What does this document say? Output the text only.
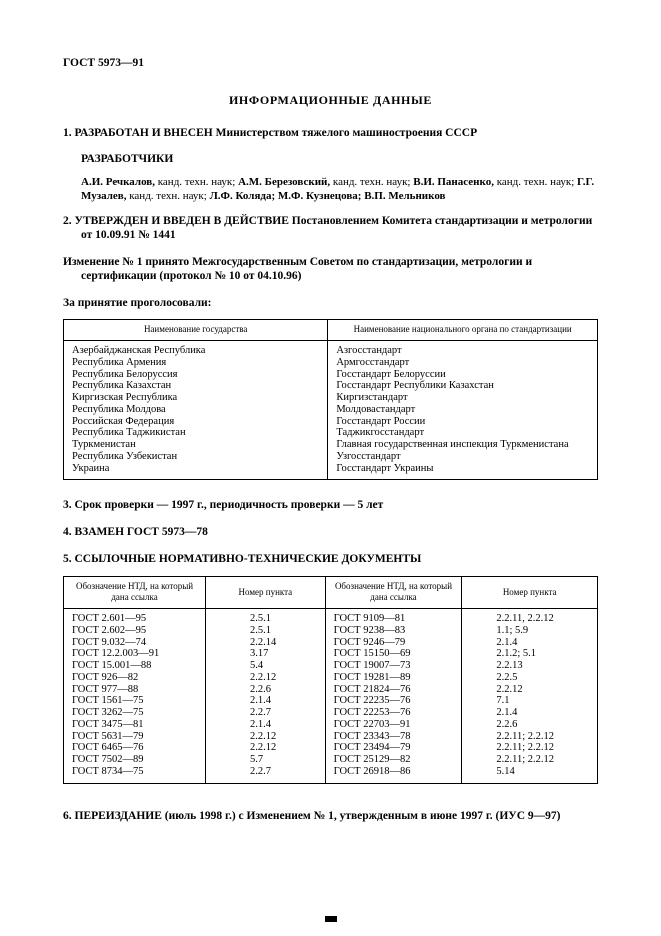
ГОСТ 5973—91
ИНФОРМАЦИОННЫЕ ДАННЫЕ

1. РАЗРАБОТАН И ВНЕСЕН Министерством тяжелого машиностроения СССР

РАЗРАБОТЧИКИ

А.И. Речкалов, канд. техн. наук; А.М. Березовский, канд. техн. наук; В.И. Панасенко, канд. техн. наук; Г.Г. Музалев, канд. техн. наук; Л.Ф. Коляда; М.Ф. Кузнецова; В.П. Мельников

2. УТВЕРЖДЕН И ВВЕДЕН В ДЕЙСТВИЕ Постановлением Комитета стандартизации и метрологии от 10.09.91 № 1441

Изменение № 1 принято Межгосударственным Советом по стандартизации, метрологии и сертификации (протокол № 10 от 04.10.96)

За принятие проголосовали:

Наименование государства	Наименование национального органа по стандартизации
Азербайджанская Республика	Азгосстандарт
Республика Армения	Армгосстандарт
Республика Белоруссия	Госстандарт Белоруссии
Республика Казахстан	Госстандарт Республики Казахстан
Киргизская Республика	Киргизстандарт
Республика Молдова	Молдовастандарт
Российская Федерация	Госстандарт России
Республика Таджикистан	Таджикгосстандарт
Туркменистан	Главная государственная инспекция Туркменистана
Республика Узбекистан	Узгосстандарт
Украина	Госстандарт Украины

3. Срок проверки — 1997 г., периодичность проверки — 5 лет

4. ВЗАМЕН ГОСТ 5973—78

5. ССЫЛОЧНЫЕ НОРМАТИВНО-ТЕХНИЧЕСКИЕ ДОКУМЕНТЫ

Обозначение НТД, на который дана ссылка	Номер пункта	Обозначение НТД, на который дана ссылка	Номер пункта
ГОСТ 2.601—95	2.5.1	ГОСТ 9109—81	2.2.11, 2.2.12
ГОСТ 2.602—95	2.5.1	ГОСТ 9238—83	1.1; 5.9
ГОСТ 9.032—74	2.2.14	ГОСТ 9246—79	2.1.4
ГОСТ 12.2.003—91	3.17	ГОСТ 15150—69	2.1.2; 5.1
ГОСТ 15.001—88	5.4	ГОСТ 19007—73	2.2.13
ГОСТ 926—82	2.2.12	ГОСТ 19281—89	2.2.5
ГОСТ 977—88	2.2.6	ГОСТ 21824—76	2.2.12
ГОСТ 1561—75	2.1.4	ГОСТ 22235—76	7.1
ГОСТ 3262—75	2.2.7	ГОСТ 22253—76	2.1.4
ГОСТ 3475—81	2.1.4	ГОСТ 22703—91	2.2.6
ГОСТ 5631—79	2.2.12	ГОСТ 23343—78	2.2.11; 2.2.12
ГОСТ 6465—76	2.2.12	ГОСТ 23494—79	2.2.11; 2.2.12
ГОСТ 7502—89	5.7	ГОСТ 25129—82	2.2.11; 2.2.12
ГОСТ 8734—75	2.2.7	ГОСТ 26918—86	5.14

6. ПЕРЕИЗДАНИЕ (июль 1998 г.) с Изменением № 1, утвержденным в июне 1997 г. (ИУС 9—97)
